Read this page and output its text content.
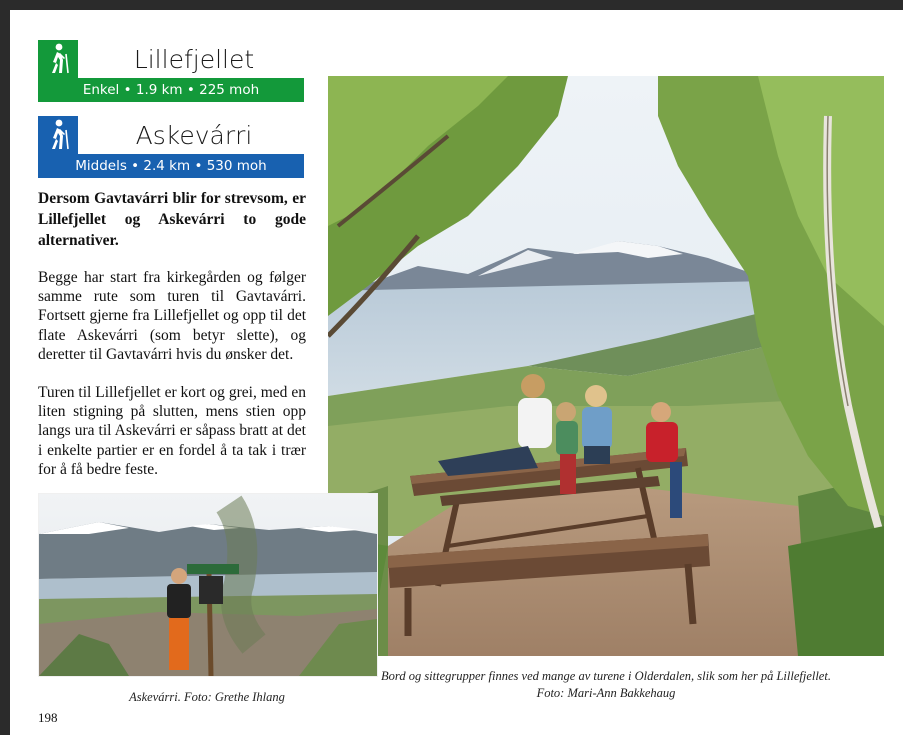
Lillefjellet
Enkel • 1.9 km • 225 moh
Askevárri
Middels • 2.4 km • 530 moh

Dersom Gavtavárri blir for strevsom, er Lillefjellet og Askevárri to gode alternativer.

Begge har start fra kirkegården og følger samme rute som turen til Gavtavárri. Fortsett gjerne fra Lillefjellet og opp til det flate Askevárri (som betyr slette), og deretter til Gavtavárri hvis du ønsker det.

Turen til Lillefjellet er kort og grei, med en liten stigning på slutten, mens stien opp langs ura til Askevárri er såpass bratt at det i enkelte partier er en fordel å ta tak i trær for å få bedre feste.

Bord og sittegrupper finnes ved mange av turene i Olderdalen, slik som her på Lillefjellet.
Foto: Mari-Ann Bakkehaug

Askevárri. Foto: Grethe Ihlang

198
